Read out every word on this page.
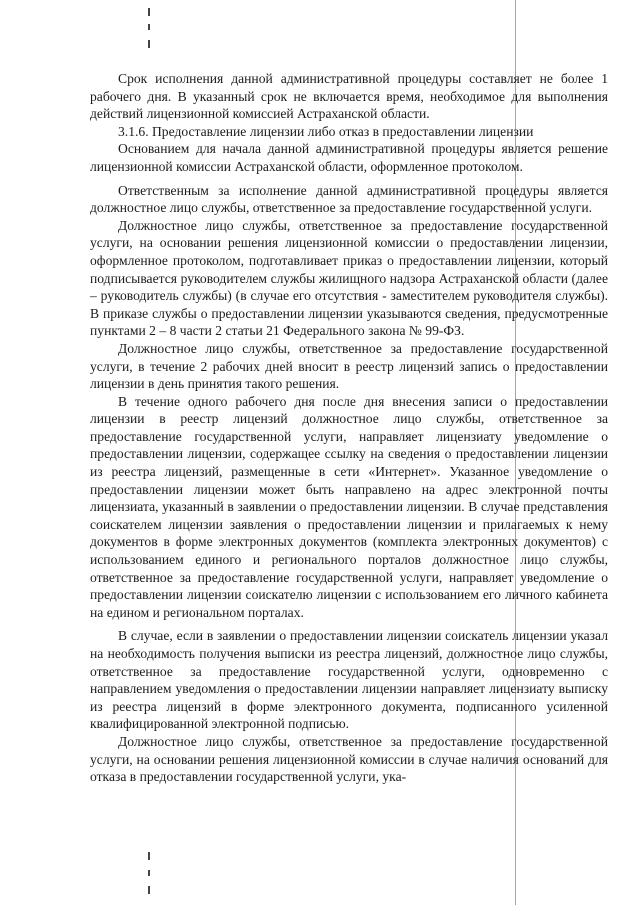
Срок исполнения данной административной процедуры составляет не более 1 рабочего дня. В указанный срок не включается время, необходимое для выполнения действий лицензионной комиссией Астраханской области.

3.1.6. Предоставление лицензии либо отказ в предоставлении лицензии

Основанием для начала данной административной процедуры является решение лицензионной комиссии Астраханской области, оформленное протоколом.

Ответственным за исполнение данной административной процедуры является должностное лицо службы, ответственное за предоставление государственной услуги.

Должностное лицо службы, ответственное за предоставление государственной услуги, на основании решения лицензионной комиссии о предоставлении лицензии, оформленное протоколом, подготавливает приказ о предоставлении лицензии, который подписывается руководителем службы жилищного надзора Астраханской области (далее – руководитель службы) (в случае его отсутствия - заместителем руководителя службы). В приказе службы о предоставлении лицензии указываются сведения, предусмотренные пунктами 2 – 8 части 2 статьи 21 Федерального закона № 99-ФЗ.

Должностное лицо службы, ответственное за предоставление государственной услуги, в течение 2 рабочих дней вносит в реестр лицензий запись о предоставлении лицензии в день принятия такого решения.

В течение одного рабочего дня после дня внесения записи о предоставлении лицензии в реестр лицензий должностное лицо службы, ответственное за предоставление государственной услуги, направляет лицензиату уведомление о предоставлении лицензии, содержащее ссылку на сведения о предоставлении лицензии из реестра лицензий, размещенные в сети «Интернет». Указанное уведомление о предоставлении лицензии может быть направлено на адрес электронной почты лицензиата, указанный в заявлении о предоставлении лицензии. В случае представления соискателем лицензии заявления о предоставлении лицензии и прилагаемых к нему документов в форме электронных документов (комплекта электронных документов) с использованием единого и регионального порталов должностное лицо службы, ответственное за предоставление государственной услуги, направляет уведомление о предоставлении лицензии соискателю лицензии с использованием его личного кабинета на едином и региональном порталах.

В случае, если в заявлении о предоставлении лицензии соискатель лицензии указал на необходимость получения выписки из реестра лицензий, должностное лицо службы, ответственное за предоставление государственной услуги, одновременно с направлением уведомления о предоставлении лицензии направляет лицензиату выписку из реестра лицензий в форме электронного документа, подписанного усиленной квалифицированной электронной подписью.

Должностное лицо службы, ответственное за предоставление государственной услуги, на основании решения лицензионной комиссии в случае наличия оснований для отказа в предоставлении государственной услуги, ука-
